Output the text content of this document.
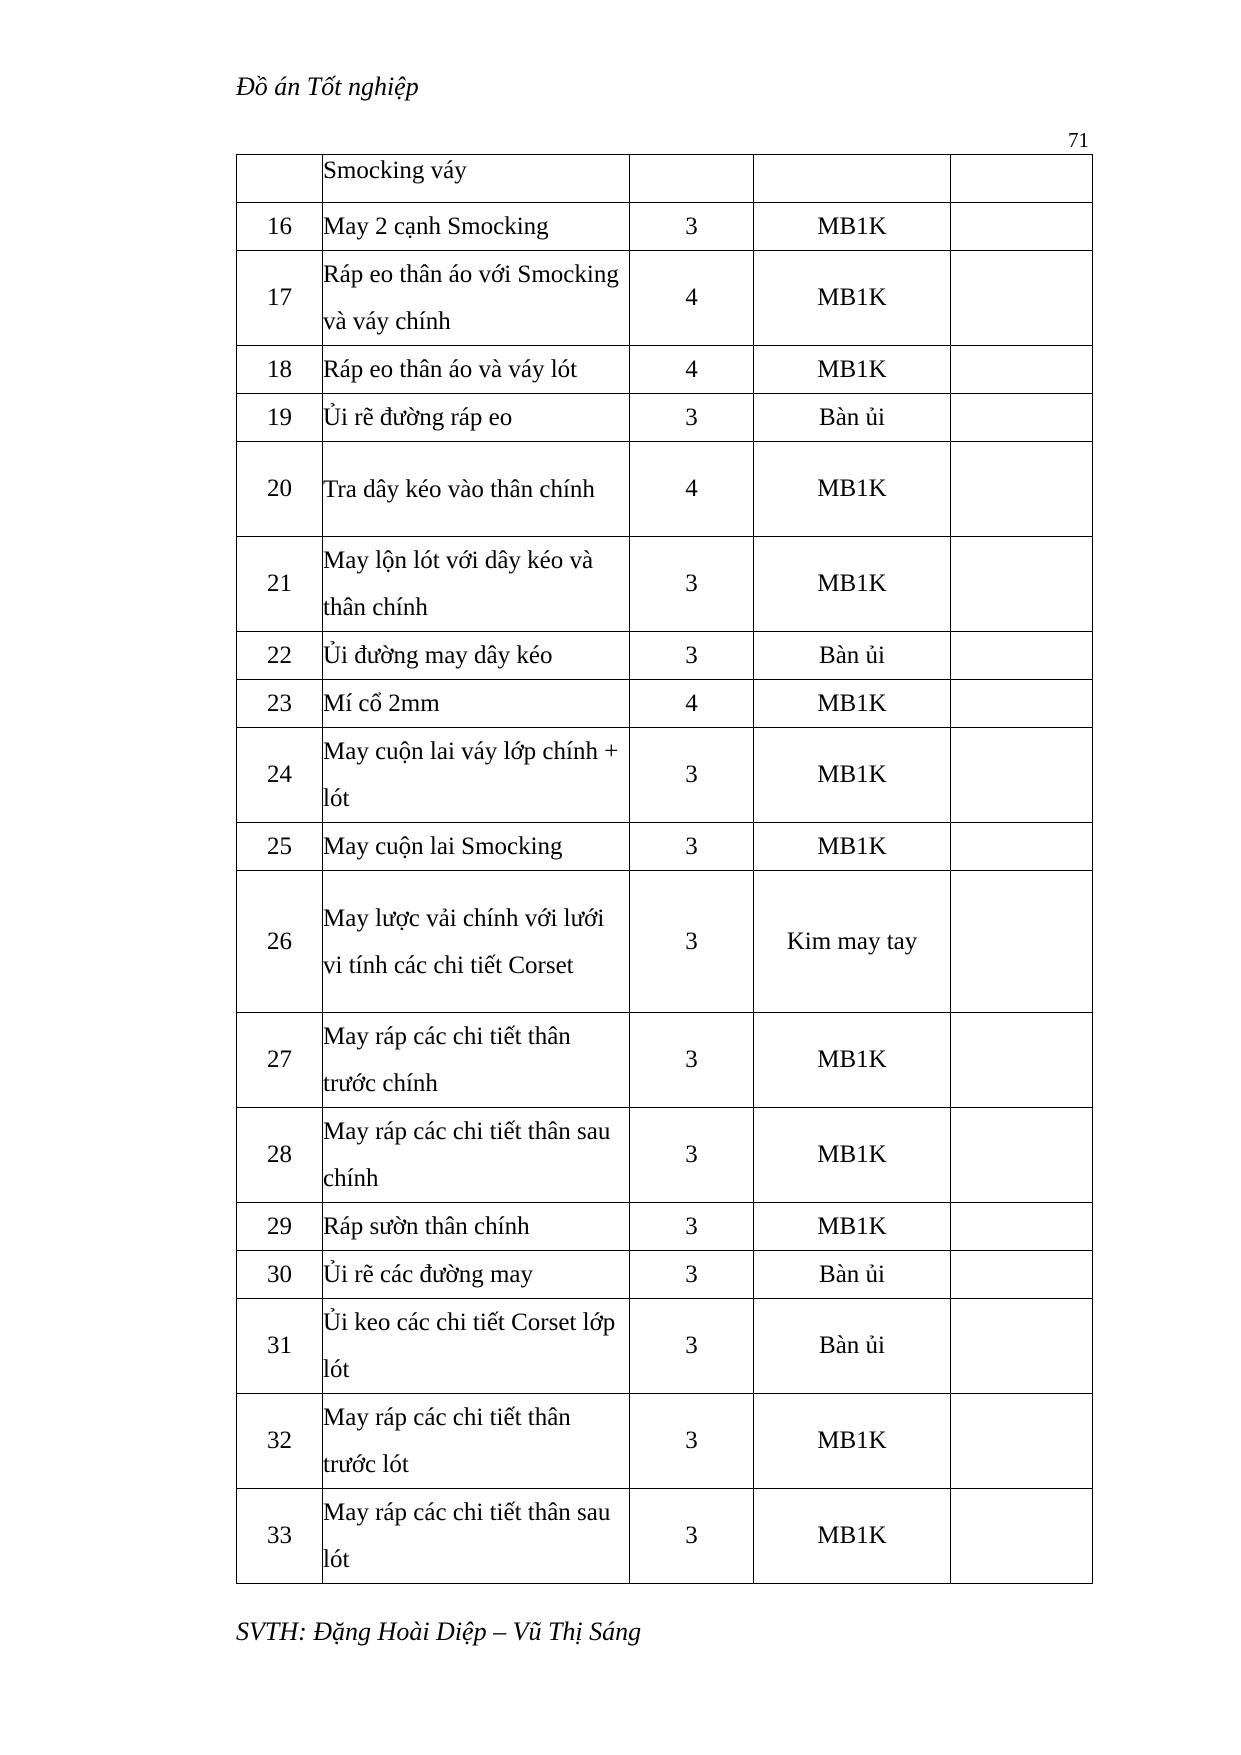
Đồ án Tốt nghiệp
71
	Smocking váy			
16	May 2 cạnh Smocking	3	MB1K	
17	Ráp eo thân áo với Smocking và váy chính	4	MB1K	
18	Ráp eo thân áo và váy lót	4	MB1K	
19	Ủi rẽ đường ráp eo	3	Bàn ủi	
20	Tra dây kéo vào thân chính	4	MB1K	
21	May lộn lót với dây kéo và thân chính	3	MB1K	
22	Ủi đường may dây kéo	3	Bàn ủi	
23	Mí cổ 2mm	4	MB1K	
24	May cuộn lai váy lớp chính + lót	3	MB1K	
25	May cuộn lai Smocking	3	MB1K	
26	May lược vải chính với lưới vi tính các chi tiết Corset	3	Kim may tay	
27	May ráp các chi tiết thân trước chính	3	MB1K	
28	May ráp các chi tiết thân sau chính	3	MB1K	
29	Ráp sườn thân chính	3	MB1K	
30	Ủi rẽ các đường may	3	Bàn ủi	
31	Ủi keo các chi tiết Corset lớp lót	3	Bàn ủi	
32	May ráp các chi tiết thân trước lót	3	MB1K	
33	May ráp các chi tiết thân sau lót	3	MB1K	
SVTH: Đặng Hoài Diệp – Vũ Thị Sáng
